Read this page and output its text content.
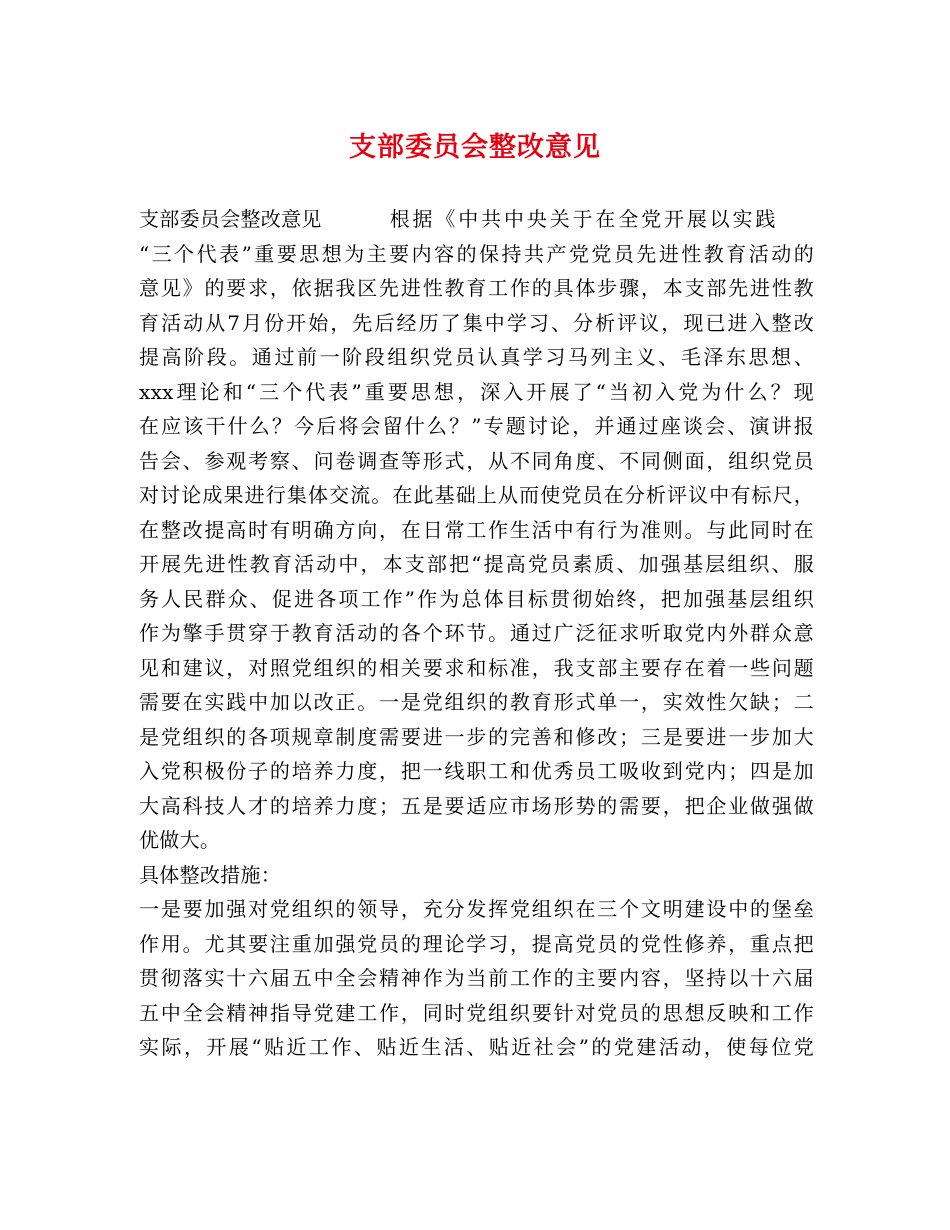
支部委员会整改意见
支部委员会整改意见	根据《中共中央关于在全党开展以实践
“三个代表”重要思想为主要内容的保持共产党党员先进性教育活动的
意见》的要求，依据我区先进性教育工作的具体步骤，本支部先进性教
育活动从7月份开始，先后经历了集中学习、分析评议，现已进入整改
提高阶段。通过前一阶段组织党员认真学习马列主义、毛泽东思想、
xxx理论和“三个代表”重要思想，深入开展了“当初入党为什么？现
在应该干什么？今后将会留什么？”专题讨论，并通过座谈会、演讲报
告会、参观考察、问卷调查等形式，从不同角度、不同侧面，组织党员
对讨论成果进行集体交流。在此基础上从而使党员在分析评议中有标尺，
在整改提高时有明确方向，在日常工作生活中有行为准则。与此同时在
开展先进性教育活动中，本支部把“提高党员素质、加强基层组织、服
务人民群众、促进各项工作”作为总体目标贯彻始终，把加强基层组织
作为擎手贯穿于教育活动的各个环节。通过广泛征求听取党内外群众意
见和建议，对照党组织的相关要求和标准，我支部主要存在着一些问题
需要在实践中加以改正。一是党组织的教育形式单一，实效性欠缺；二
是党组织的各项规章制度需要进一步的完善和修改；三是要进一步加大
入党积极份子的培养力度，把一线职工和优秀员工吸收到党内；四是加
大高科技人才的培养力度；五是要适应市场形势的需要，把企业做强做
优做大。
具体整改措施：
一是要加强对党组织的领导，充分发挥党组织在三个文明建设中的堡垒
作用。尤其要注重加强党员的理论学习，提高党员的党性修养，重点把
贯彻落实十六届五中全会精神作为当前工作的主要内容，坚持以十六届
五中全会精神指导党建工作，同时党组织要针对党员的思想反映和工作
实际，开展“贴近工作、贴近生活、贴近社会”的党建活动，使每位党
